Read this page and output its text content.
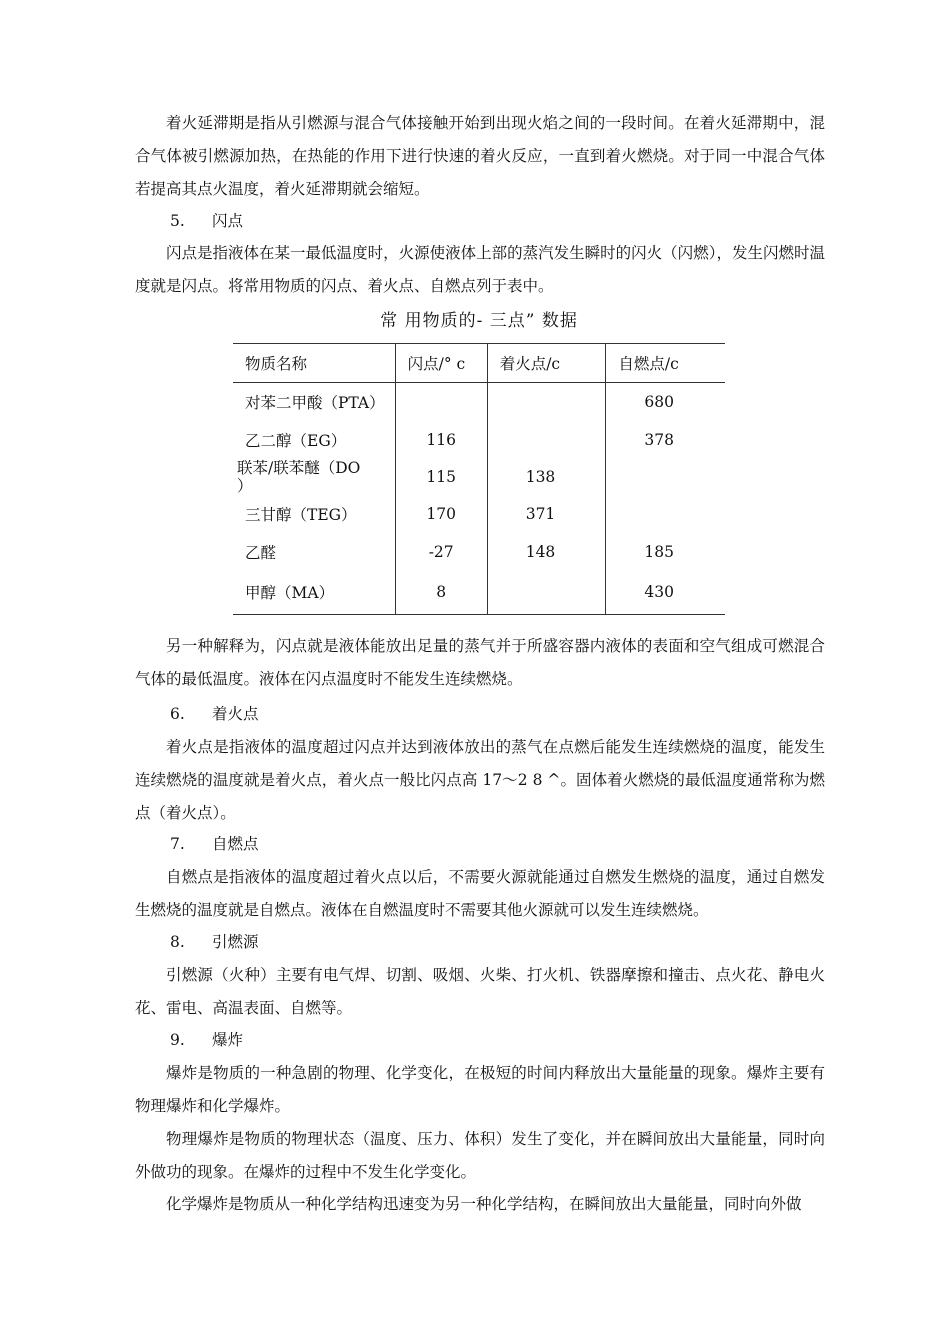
着火延滞期是指从引燃源与混合气体接触开始到出现火焰之间的一段时间。在着火延滞期中，混合气体被引燃源加热，在热能的作用下进行快速的着火反应，一直到着火燃烧。对于同一中混合气体若提高其点火温度，着火延滞期就会缩短。

5. 闪点

闪点是指液体在某一最低温度时，火源使液体上部的蒸汽发生瞬时的闪火（闪燃），发生闪燃时温度就是闪点。将常用物质的闪点、着火点、自燃点列于表中。

常 用物质的- 三点” 数据
物质名称	闪点/° c	着火点/c	自燃点/c
对苯二甲酸（PTA）			680
乙二醇（EG）	116		378
联苯/联苯醚（DO
）	115	138	
三甘醇（TEG）	170	371	
乙醛	-27	148	185
甲醇（MA）	8		430

另一种解释为，闪点就是液体能放出足量的蒸气并于所盛容器内液体的表面和空气组成可燃混合气体的最低温度。液体在闪点温度时不能发生连续燃烧。

6. 着火点

着火点是指液体的温度超过闪点并达到液体放出的蒸气在点燃后能发生连续燃烧的温度，能发生连续燃烧的温度就是着火点，着火点一般比闪点高 17〜2 8 ^。固体着火燃烧的最低温度通常称为燃点（着火点）。

7. 自燃点

自燃点是指液体的温度超过着火点以后，不需要火源就能通过自燃发生燃烧的温度，通过自燃发生燃烧的温度就是自燃点。液体在自燃温度时不需要其他火源就可以发生连续燃烧。

8. 引燃源

引燃源（火种）主要有电气焊、切割、吸烟、火柴、打火机、铁器摩擦和撞击、点火花、静电火花、雷电、高温表面、自燃等。

9. 爆炸

爆炸是物质的一种急剧的物理、化学变化，在极短的时间内释放出大量能量的现象。爆炸主要有物理爆炸和化学爆炸。

物理爆炸是物质的物理状态（温度、压力、体积）发生了变化，并在瞬间放出大量能量，同时向外做功的现象。在爆炸的过程中不发生化学变化。

化学爆炸是物质从一种化学结构迅速变为另一种化学结构，在瞬间放出大量能量，同时向外做
